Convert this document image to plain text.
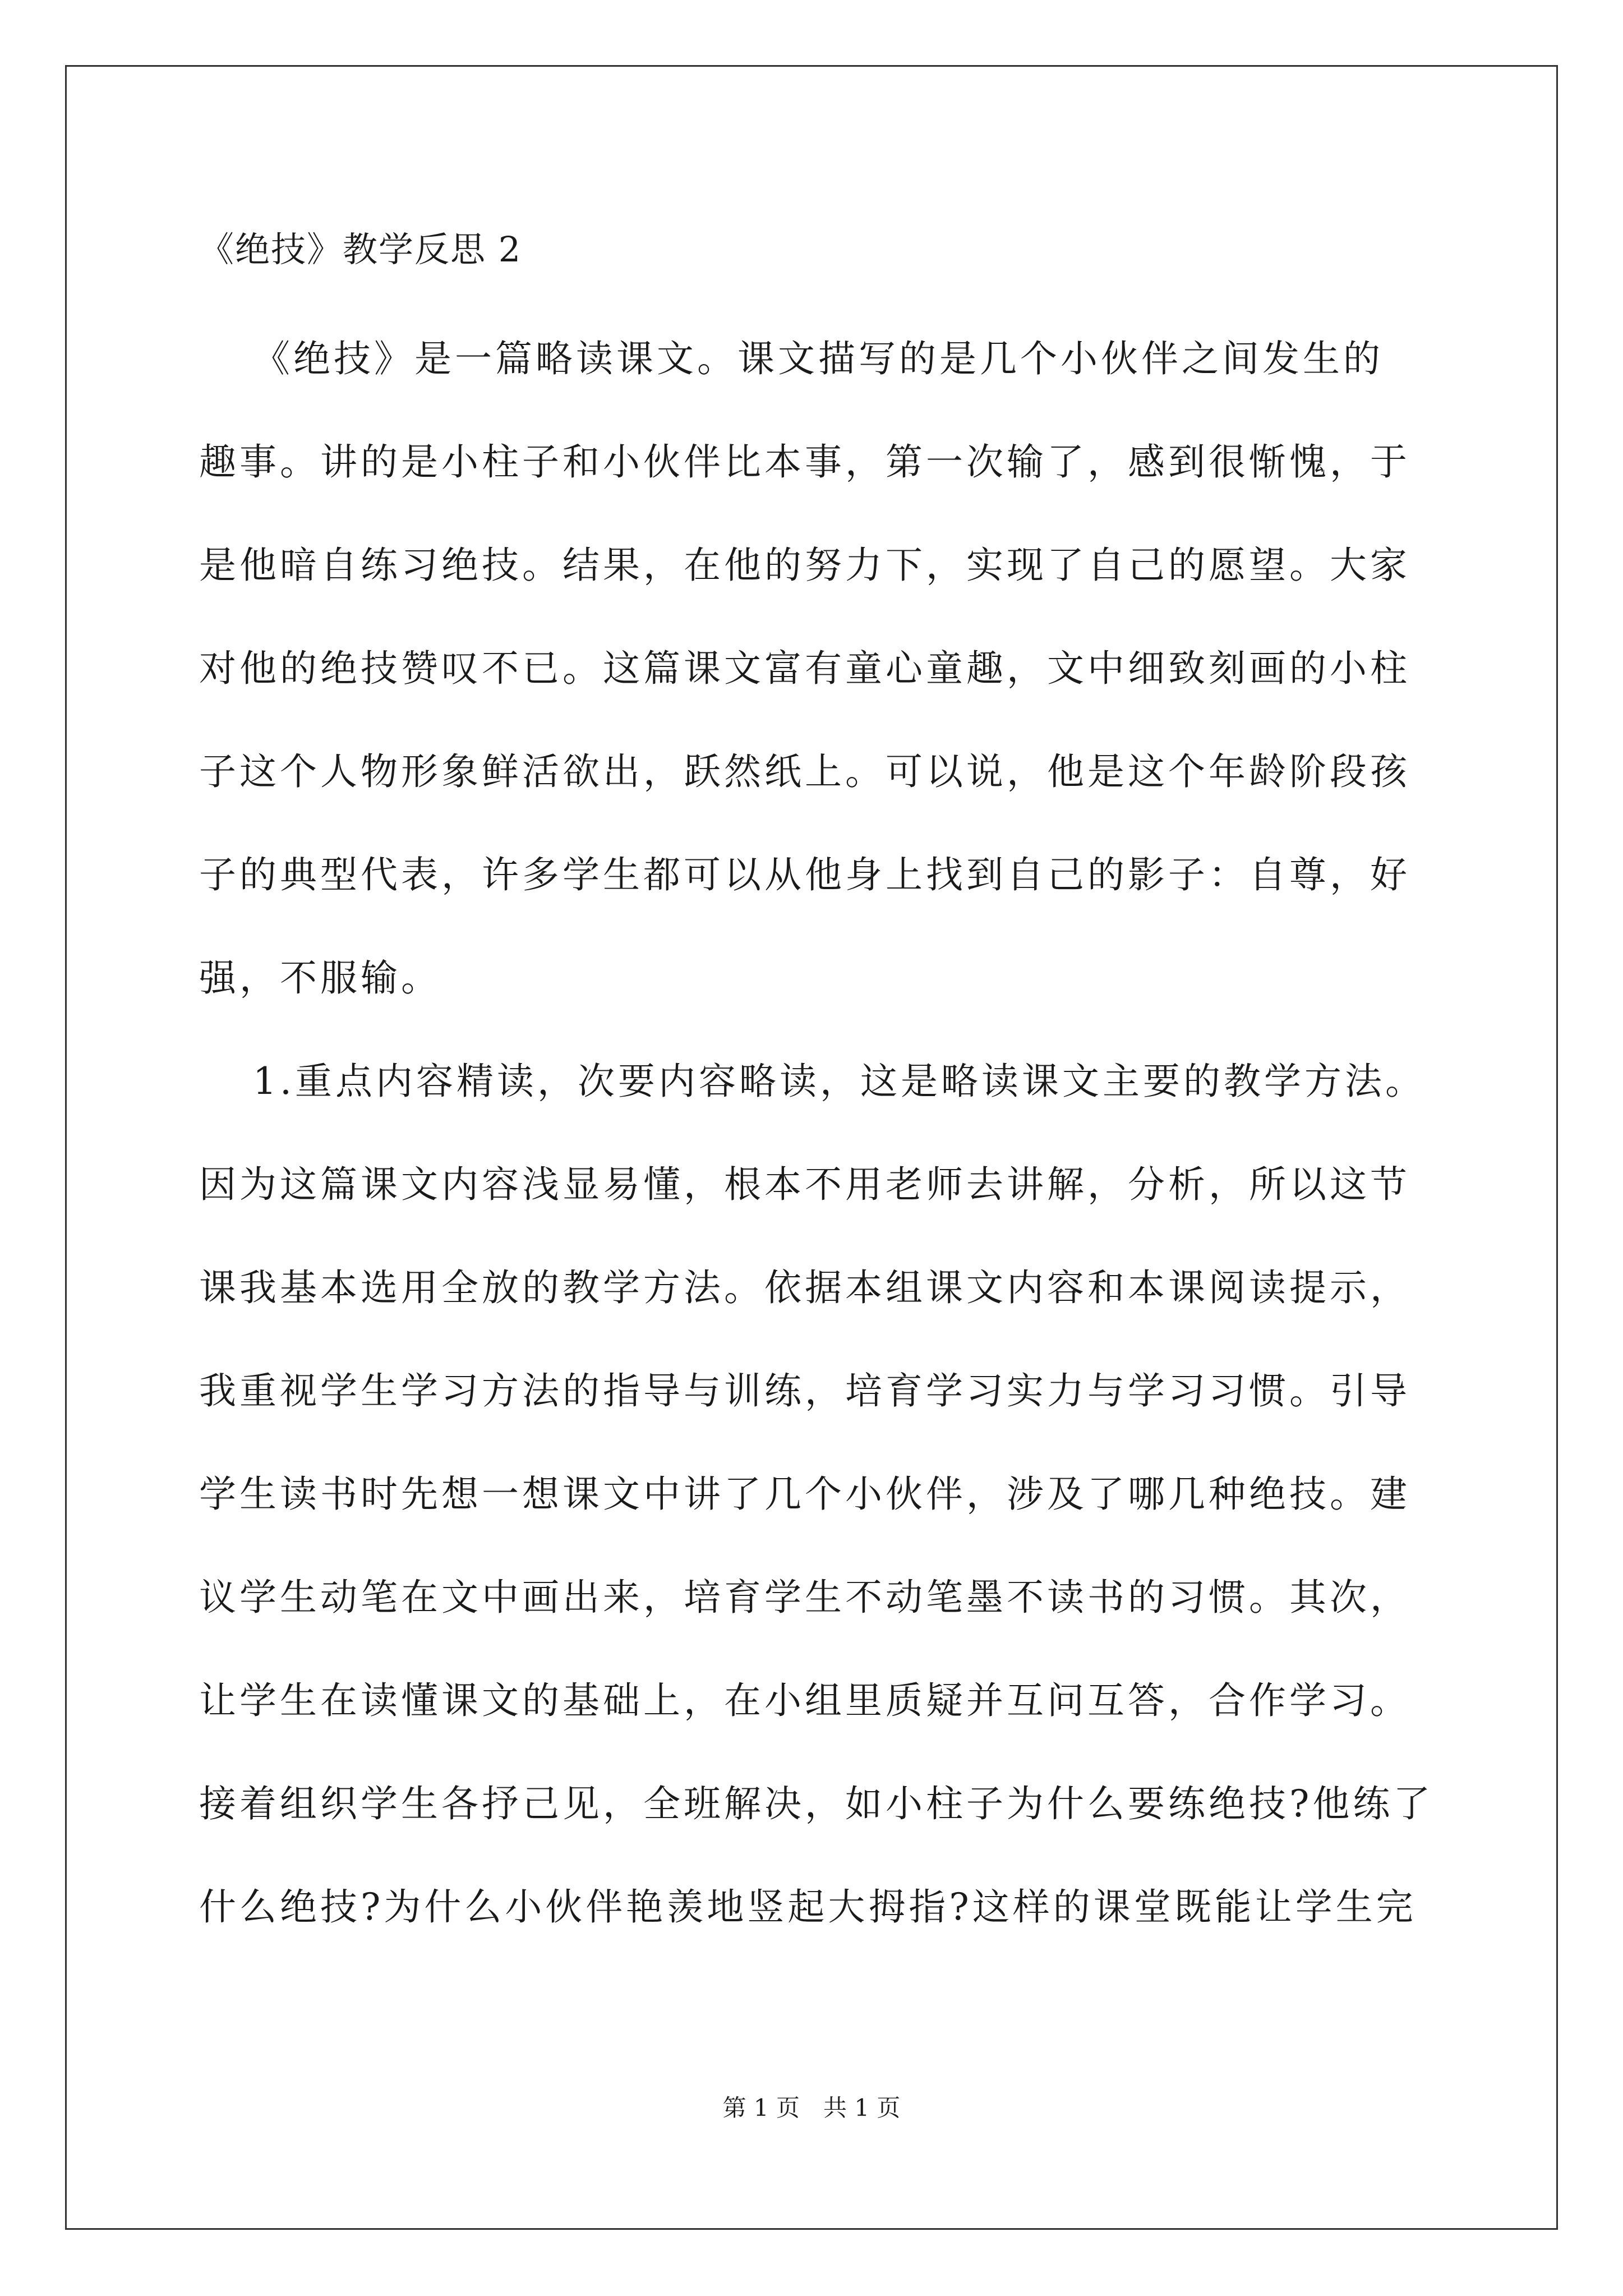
《绝技》教学反思 2
《绝技》是一篇略读课文。课文描写的是几个小伙伴之间发生的
趣事。讲的是小柱子和小伙伴比本事，第一次输了，感到很惭愧，于
是他暗自练习绝技。结果，在他的努力下，实现了自己的愿望。大家
对他的绝技赞叹不已。这篇课文富有童心童趣，文中细致刻画的小柱
子这个人物形象鲜活欲出，跃然纸上。可以说，他是这个年龄阶段孩
子的典型代表，许多学生都可以从他身上找到自己的影子：自尊，好
强，不服输。
1.重点内容精读，次要内容略读，这是略读课文主要的教学方法。
因为这篇课文内容浅显易懂，根本不用老师去讲解，分析，所以这节
课我基本选用全放的教学方法。依据本组课文内容和本课阅读提示，
我重视学生学习方法的指导与训练，培育学习实力与学习习惯。引导
学生读书时先想一想课文中讲了几个小伙伴，涉及了哪几种绝技。建
议学生动笔在文中画出来，培育学生不动笔墨不读书的习惯。其次，
让学生在读懂课文的基础上，在小组里质疑并互问互答，合作学习。
接着组织学生各抒己见，全班解决，如小柱子为什么要练绝技?他练了
什么绝技?为什么小伙伴艳羡地竖起大拇指?这样的课堂既能让学生完
第 1 页　共 1 页
